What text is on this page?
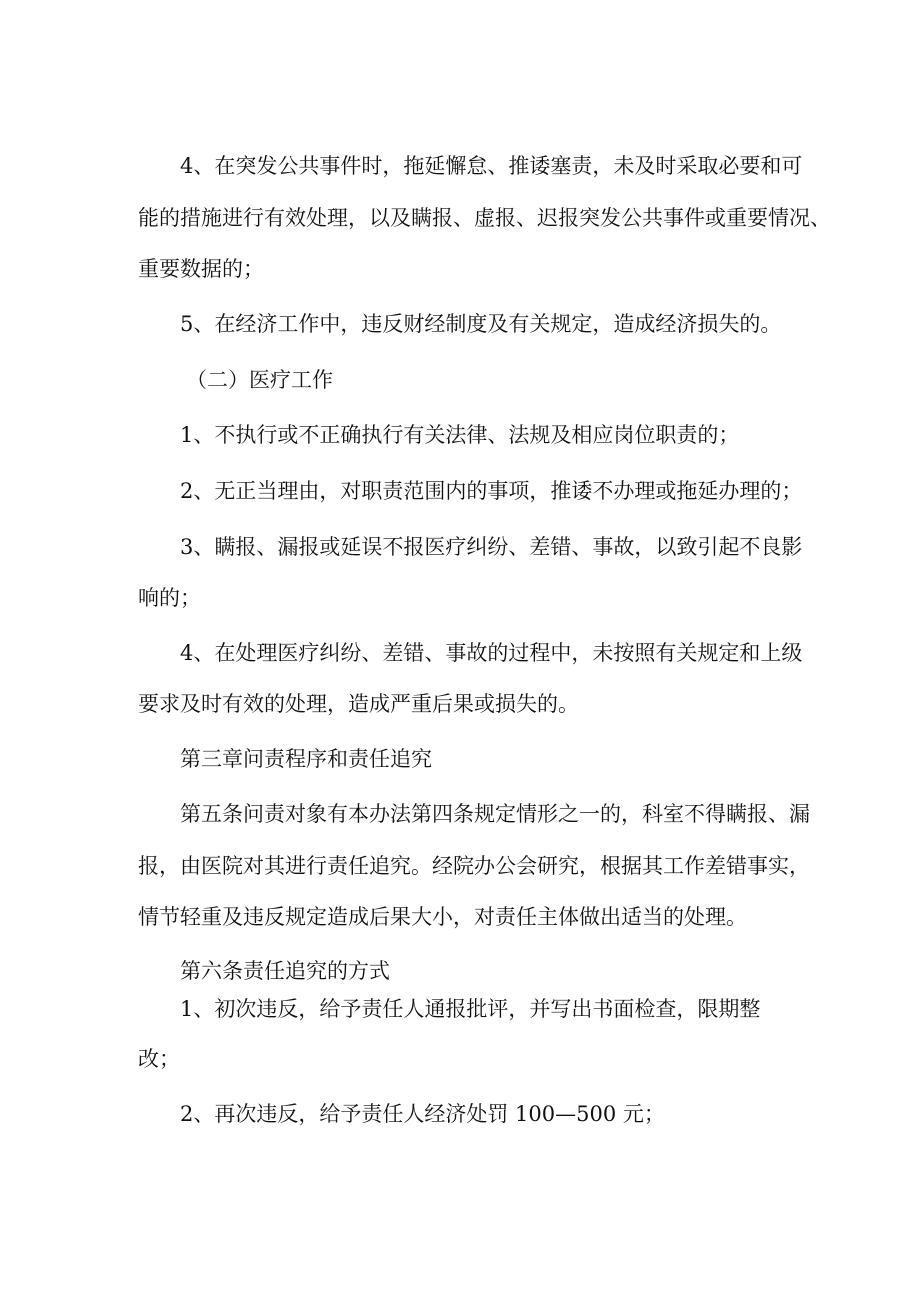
4、在突发公共事件时，拖延懈怠、推诿塞责，未及时采取必要和可
能的措施进行有效处理，以及瞒报、虚报、迟报突发公共事件或重要情况、
重要数据的；
5、在经济工作中，违反财经制度及有关规定，造成经济损失的。
（二）医疗工作
1、不执行或不正确执行有关法律、法规及相应岗位职责的；
2、无正当理由，对职责范围内的事项，推诿不办理或拖延办理的；
3、瞒报、漏报或延误不报医疗纠纷、差错、事故，以致引起不良影
响的；
4、在处理医疗纠纷、差错、事故的过程中，未按照有关规定和上级
要求及时有效的处理，造成严重后果或损失的。
第三章问责程序和责任追究
第五条问责对象有本办法第四条规定情形之一的，科室不得瞒报、漏
报，由医院对其进行责任追究。经院办公会研究，根据其工作差错事实，
情节轻重及违反规定造成后果大小，对责任主体做出适当的处理。
第六条责任追究的方式
1、初次违反，给予责任人通报批评，并写出书面检查，限期整
改；
2、再次违反，给予责任人经济处罚 100—500 元；
